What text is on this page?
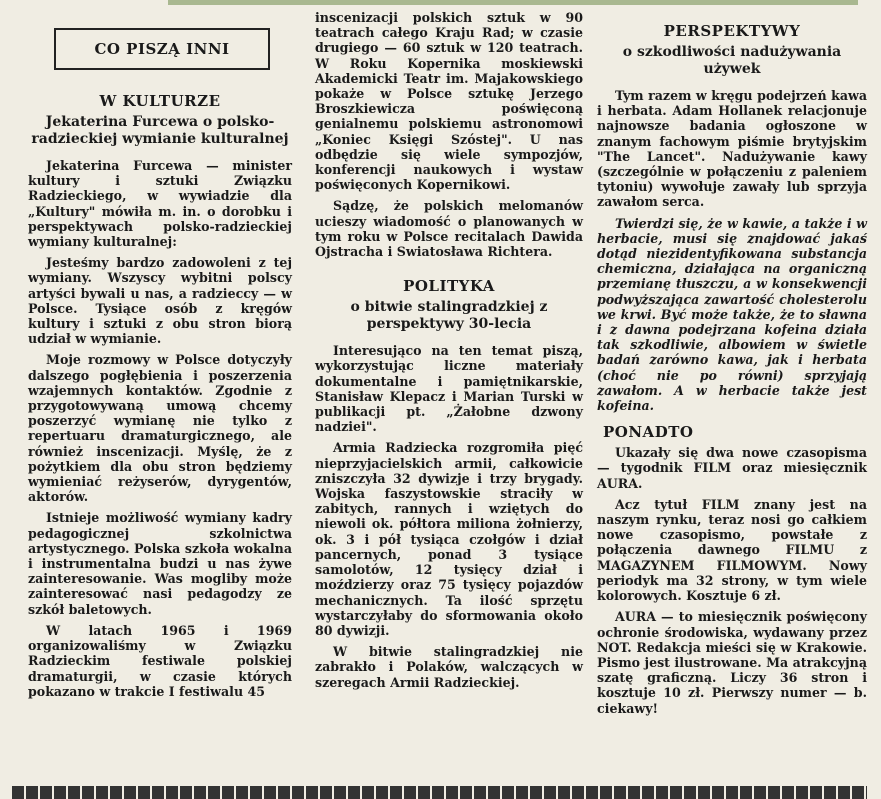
CO PISZĄ INNI
W KULTURZE
Jekaterina Furcewa o polsko-radzieckiej wymianie kulturalnej

Jekaterina Furcewa — minister kultury i sztuki Związku Radzieckiego, w wywiadzie dla „Kultury" mówiła m. in. o dorobku i perspektywach polsko-radzieckiej wymiany kulturalnej:

Jesteśmy bardzo zadowoleni z tej wymiany. Wszyscy wybitni polscy artyści bywali u nas, a radzieccy — w Polsce. Tysiące osób z kręgów kultury i sztuki z obu stron biorą udział w wymianie.

Moje rozmowy w Polsce dotyczyły dalszego pogłębienia i poszerzenia wzajemnych kontaktów. Zgodnie z przygotowywaną umową chcemy poszerzyć wymianę nie tylko z repertuaru dramaturgicznego, ale również inscenizacji. Myślę, że z pożytkiem dla obu stron będziemy wymieniać reżyserów, dyrygentów, aktorów.

Istnieje możliwość wymiany kadry pedagogicznej szkolnictwa artystycznego. Polska szkoła wokalna i instrumentalna budzi u nas żywe zainteresowanie. Was mogliby może zainteresować nasi pedagodzy ze szkół baletowych.

W latach 1965 i 1969 organizowaliśmy w Związku Radzieckim festiwale polskiej dramaturgii, w czasie których pokazano w trakcie I festiwalu 45

inscenizacji polskich sztuk w 90 teatrach całego Kraju Rad; w czasie drugiego — 60 sztuk w 120 teatrach. W Roku Kopernika moskiewski Akademicki Teatr im. Majakowskiego pokaże w Polsce sztukę Jerzego Broszkiewicza poświęconą genialnemu polskiemu astronomowi „Koniec Księgi Szóstej". U nas odbędzie się wiele sympozjów, konferencji naukowych i wystaw poświęconych Kopernikowi.

Sądzę, że polskich melomanów ucieszy wiadomość o planowanych w tym roku w Polsce recitalach Dawida Ojstracha i Swiatosława Richtera.

POLITYKA
o bitwie stalingradzkiej z perspektywy 30-lecia

Interesująco na ten temat piszą, wykorzystując liczne materiały dokumentalne i pamiętnikarskie, Stanisław Klepacz i Marian Turski w publikacji pt. „Żałobne dzwony nadziei".

Armia Radziecka rozgromiła pięć nieprzyjacielskich armii, całkowicie zniszczyła 32 dywizje i trzy brygady. Wojska faszystowskie straciły w zabitych, rannych i wziętych do niewoli ok. półtora miliona żołnierzy, ok. 3 i pół tysiąca czołgów i dział pancernych, ponad 3 tysiące samolotów, 12 tysięcy dział i moździerzy oraz 75 tysięcy pojazdów mechanicznych. Ta ilość sprzętu wystarczyłaby do sformowania około 80 dywizji.

W bitwie stalingradzkiej nie zabrakło i Polaków, walczących w szeregach Armii Radzieckiej.

PERSPEKTYWY
o szkodliwości nadużywania używek

Tym razem w kręgu podejrzeń kawa i herbata. Adam Hollanek relacjonuje najnowsze badania ogłoszone w znanym fachowym piśmie brytyjskim "The Lancet". Nadużywanie kawy (szczególnie w połączeniu z paleniem tytoniu) wywołuje zawały lub sprzyja zawałom serca.

Twierdzi się, że w kawie, a także i w herbacie, musi się znajdować jakaś dotąd niezidentyfikowana substancja chemiczna, działająca na organiczną przemianę tłuszczu, a w konsekwencji podwyższająca zawartość cholesterolu we krwi. Być może także, że to sławna i z dawna podejrzana kofeina działa tak szkodliwie, albowiem w świetle badań zarówno kawa, jak i herbata (choć nie po równi) sprzyjają zawałom. A w herbacie także jest kofeina.

PONADTO

Ukazały się dwa nowe czasopisma — tygodnik FILM oraz miesięcznik AURA.

Acz tytuł FILM znany jest na naszym rynku, teraz nosi go całkiem nowe czasopismo, powstałe z połączenia dawnego FILMU z MAGAZYNEM FILMOWYM. Nowy periodyk ma 32 strony, w tym wiele kolorowych. Kosztuje 6 zł.

AURA — to miesięcznik poświęcony ochronie środowiska, wydawany przez NOT. Redakcja mieści się w Krakowie. Pismo jest ilustrowane. Ma atrakcyjną szatę graficzną. Liczy 36 stron i kosztuje 10 zł. Pierwszy numer — b. ciekawy!
